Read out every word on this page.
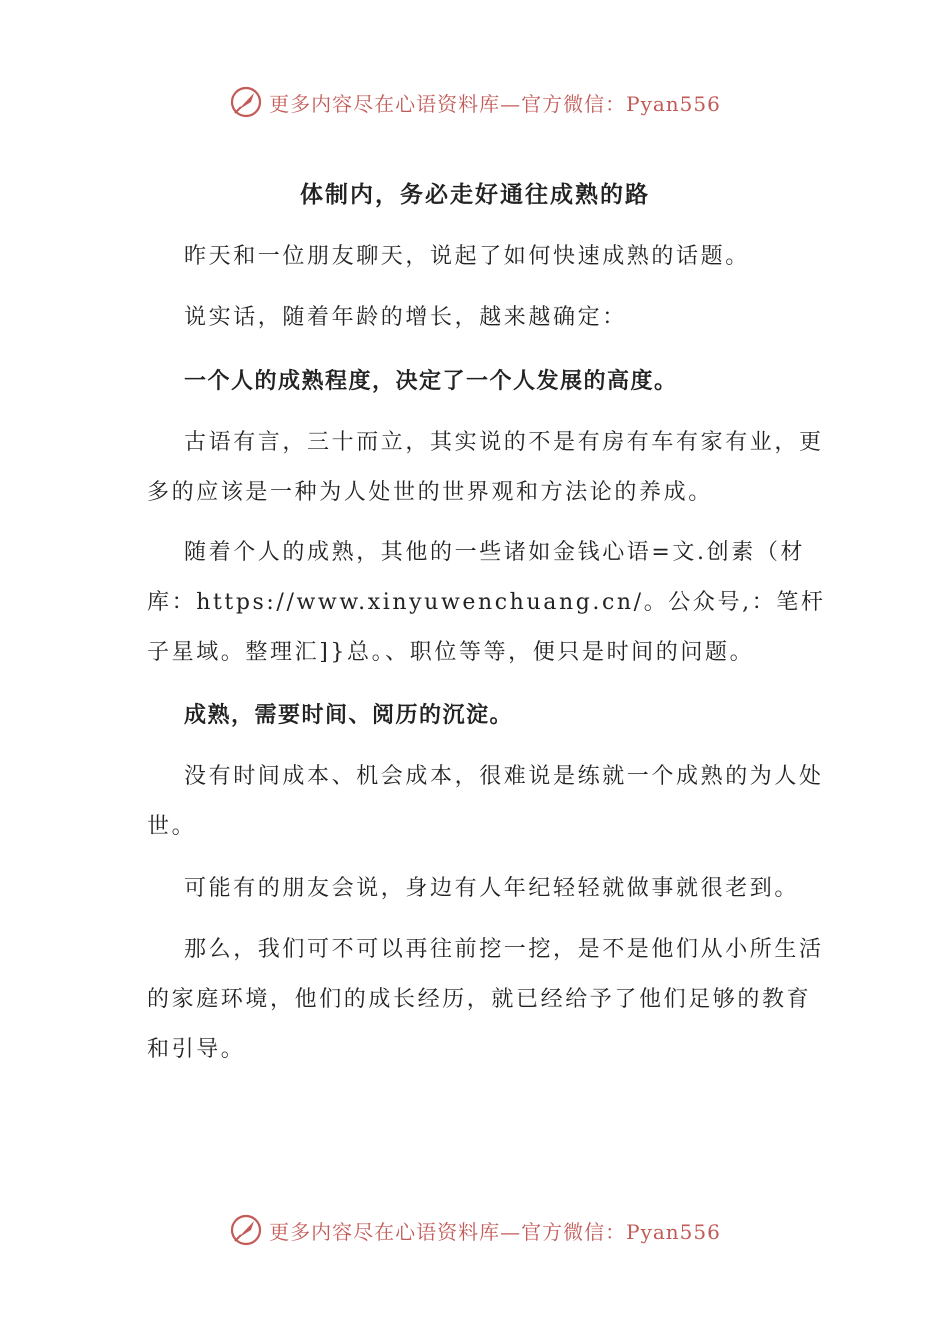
更多内容尽在心语资料库—官方微信：Pyan556
体制内，务必走好通往成熟的路

昨天和一位朋友聊天，说起了如何快速成熟的话题。

说实话，随着年龄的增长，越来越确定：

一个人的成熟程度，决定了一个人发展的高度。

古语有言，三十而立，其实说的不是有房有车有家有业，更多的应该是一种为人处世的世界观和方法论的养成。

随着个人的成熟，其他的一些诸如金钱心语=文.创素（材库：https://www.xinyuwenchuang.cn/。公众号,：笔杆子星域。整理汇]}总。、职位等等，便只是时间的问题。

成熟，需要时间、阅历的沉淀。

没有时间成本、机会成本，很难说是练就一个成熟的为人处世。

可能有的朋友会说，身边有人年纪轻轻就做事就很老到。

那么，我们可不可以再往前挖一挖，是不是他们从小所生活的家庭环境，他们的成长经历，就已经给予了他们足够的教育和引导。

更多内容尽在心语资料库—官方微信：Pyan556
